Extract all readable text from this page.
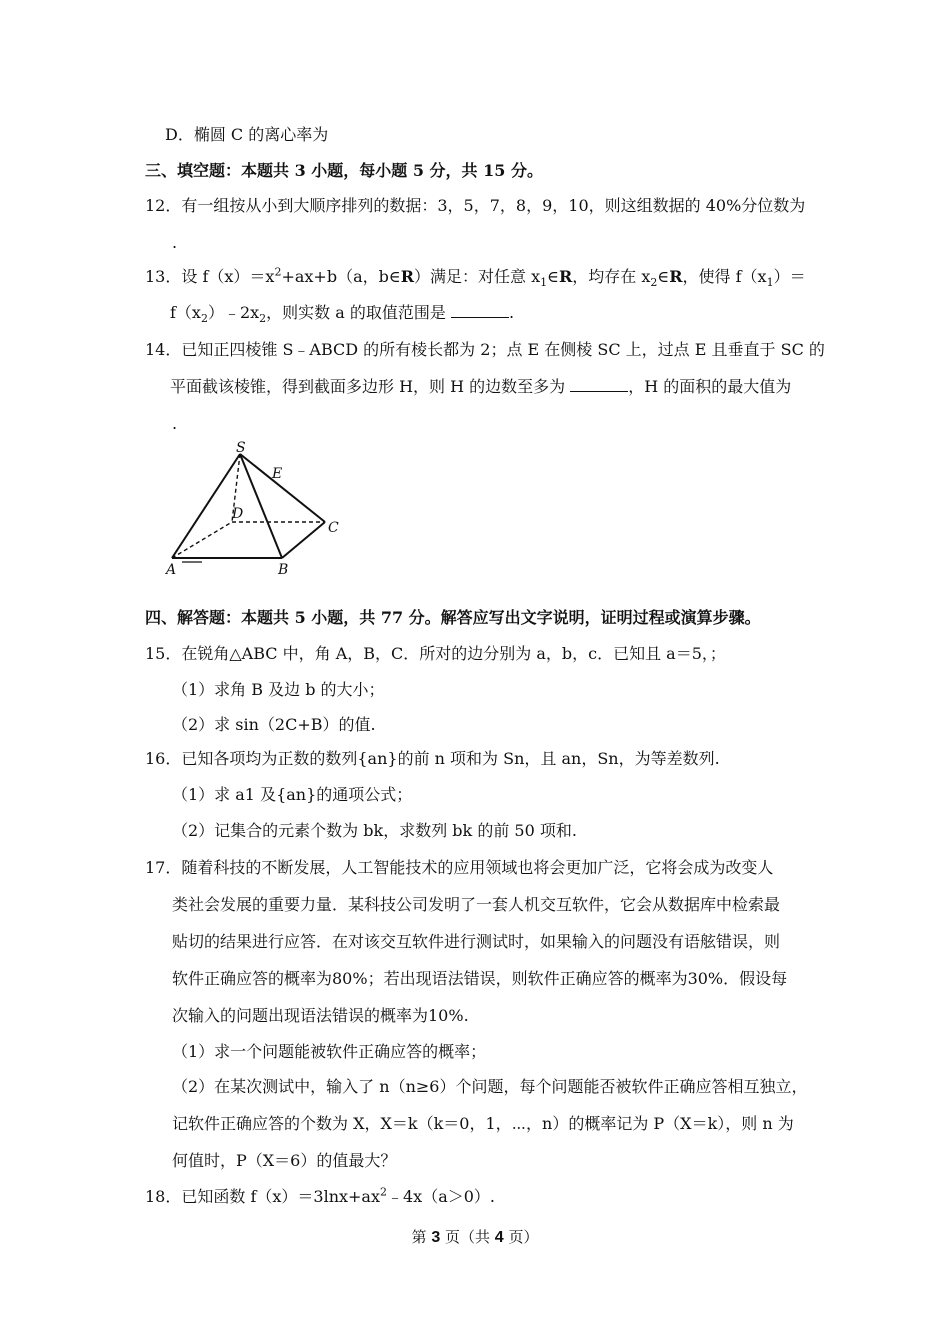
D．椭圆 C 的离心率为
三、填空题：本题共 3 小题，每小题 5 分，共 15 分。
12．有一组按从小到大顺序排列的数据：3，5，7，8，9，10，则这组数据的 40%分位数为
.
13．设 $f(x)=x^2+ax+b(a$，b∈R）满足：对任意 $x_1\in R$，均存在 $x_2\in R$，使得 $f(x_1)=$
$f(x_2)﹣2x_2$，则实数 a 的取值范围是	.
14．已知正四棱锥 S﹣ABCD 的所有棱长都为 2；点 E 在侧棱 SC 上，过点 E 且垂直于 SC 的
平面截该棱锥，得到截面多边形 H，则 H 的边数至多为	，H 的面积的最大值为
.
S
E
D
C
A	B
四、解答题：本题共 5 小题，共 77 分。解答应写出文字说明，证明过程或演算步骤。
15．在锐角△ABC 中，角 A，B，C．所对的边分别为 a，b，c．已知且 a＝5，；
（1）求角 B 及边 b 的大小；
（2）求 sin（2C+B）的值.
16．已知各项均为正数的数列{an}的前 n 项和为 Sn，且 an，Sn，为等差数列.
（1）求 a1 及{an}的通项公式；
（2）记集合的元素个数为 bk，求数列 bk 的前 50 项和.
17．随着科技的不断发展，人工智能技术的应用领域也将会更加广泛，它将会成为改变人
类社会发展的重要力量．某科技公司发明了一套人机交互软件，它会从数据库中检索最
贴切的结果进行应答．在对该交互软件进行测试时，如果输入的问题没有语舷错误，则
软件正确应答的概率为80%；若出现语法错误，则软件正确应答的概率为30%．假设每
次输入的问题出现语法错误的概率为10%.
（1）求一个问题能被软件正确应答的概率；
（2）在某次测试中，输入了 n（n≥6）个问题，每个问题能否被软件正确应答相互独立，
记软件正确应答的个数为 X，X＝k（k＝0，1，⋯，n）的概率记为 P（X＝k），则 n 为
何值时，P（X＝6）的值最大？
18．已知函数 $f(x)=3\ln x+ax^2﹣4x(a>0)$.
第 3 页（共 4 页）
